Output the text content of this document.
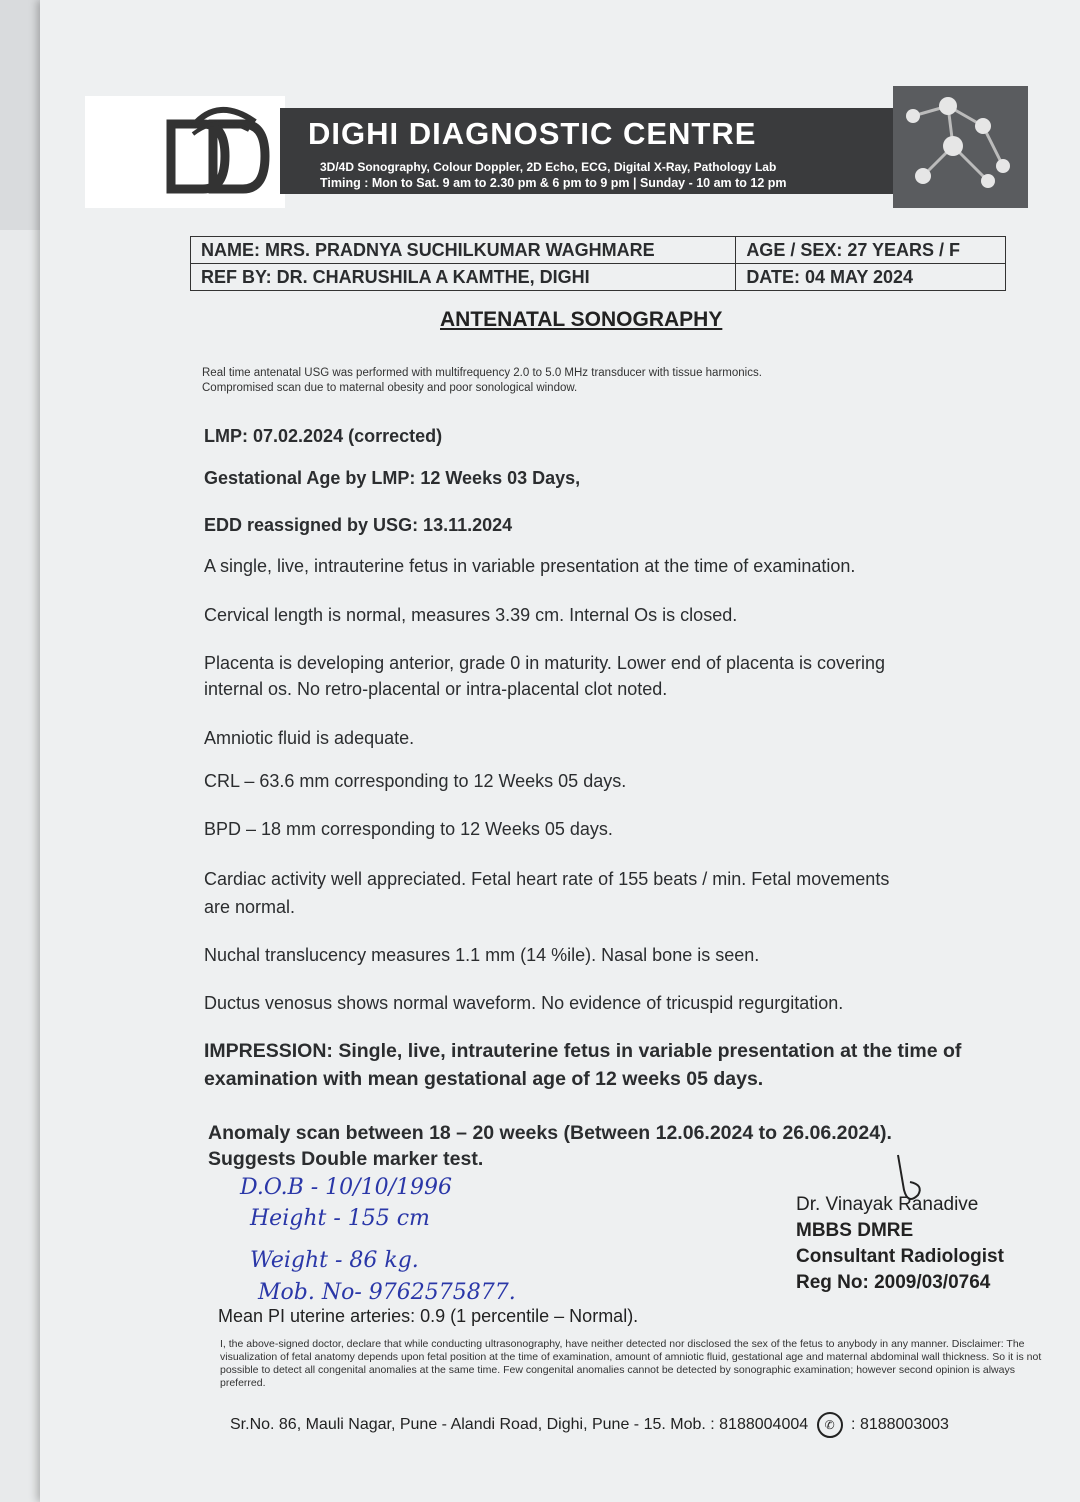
DIGHI DIAGNOSTIC CENTRE
3D/4D Sonography, Colour Doppler, 2D Echo, ECG, Digital X-Ray, Pathology Lab
Timing : Mon to Sat. 9 am to 2.30 pm & 6 pm to 9 pm | Sunday - 10 am to 12 pm
NAME: MRS. PRADNYA SUCHILKUMAR WAGHMARE	AGE / SEX: 27 YEARS / F
REF BY: DR. CHARUSHILA A KAMTHE, DIGHI	DATE: 04 MAY 2024
ANTENATAL SONOGRAPHY
Real time antenatal USG was performed with multifrequency 2.0 to 5.0 MHz transducer with tissue harmonics.
Compromised scan due to maternal obesity and poor sonological window.
LMP: 07.02.2024 (corrected)
Gestational Age by LMP: 12 Weeks 03 Days,
EDD reassigned by USG: 13.11.2024
A single, live, intrauterine fetus in variable presentation at the time of examination.
Cervical length is normal, measures 3.39 cm. Internal Os is closed.
Placenta is developing anterior, grade 0 in maturity. Lower end of placenta is covering
internal os. No retro-placental or intra-placental clot noted.
Amniotic fluid is adequate.
CRL – 63.6 mm corresponding to 12 Weeks 05 days.
BPD – 18 mm corresponding to 12 Weeks 05 days.
Cardiac activity well appreciated. Fetal heart rate of 155 beats / min. Fetal movements
are normal.
Nuchal translucency measures 1.1 mm (14 %ile). Nasal bone is seen.
Ductus venosus shows normal waveform. No evidence of tricuspid regurgitation.
IMPRESSION: Single, live, intrauterine fetus in variable presentation at the time of
examination with mean gestational age of 12 weeks 05 days.
Anomaly scan between 18 – 20 weeks (Between 12.06.2024 to 26.06.2024).
Suggests Double marker test.
D.O.B - 10/10/1996
Height - 155 cm
Weight - 86 kg.
Mob. No- 9762575877.
Dr. Vinayak Ranadive
MBBS DMRE
Consultant Radiologist
Reg No: 2009/03/0764
Mean PI uterine arteries: 0.9 (1 percentile – Normal).
I, the above-signed doctor, declare that while conducting ultrasonography, have neither detected nor disclosed the sex of the fetus to anybody in any manner. Disclaimer: The visualization of fetal anatomy depends upon fetal position at the time of examination, amount of amniotic fluid, gestational age and maternal abdominal wall thickness. So it is not possible to detect all congenital anomalies at the same time. Few congenital anomalies cannot be detected by sonographic examination; however second opinion is always preferred.
Sr.No. 86, Mauli Nagar, Pune - Alandi Road, Dighi, Pune - 15. Mob. : 8188004004 ✆ : 8188003003
